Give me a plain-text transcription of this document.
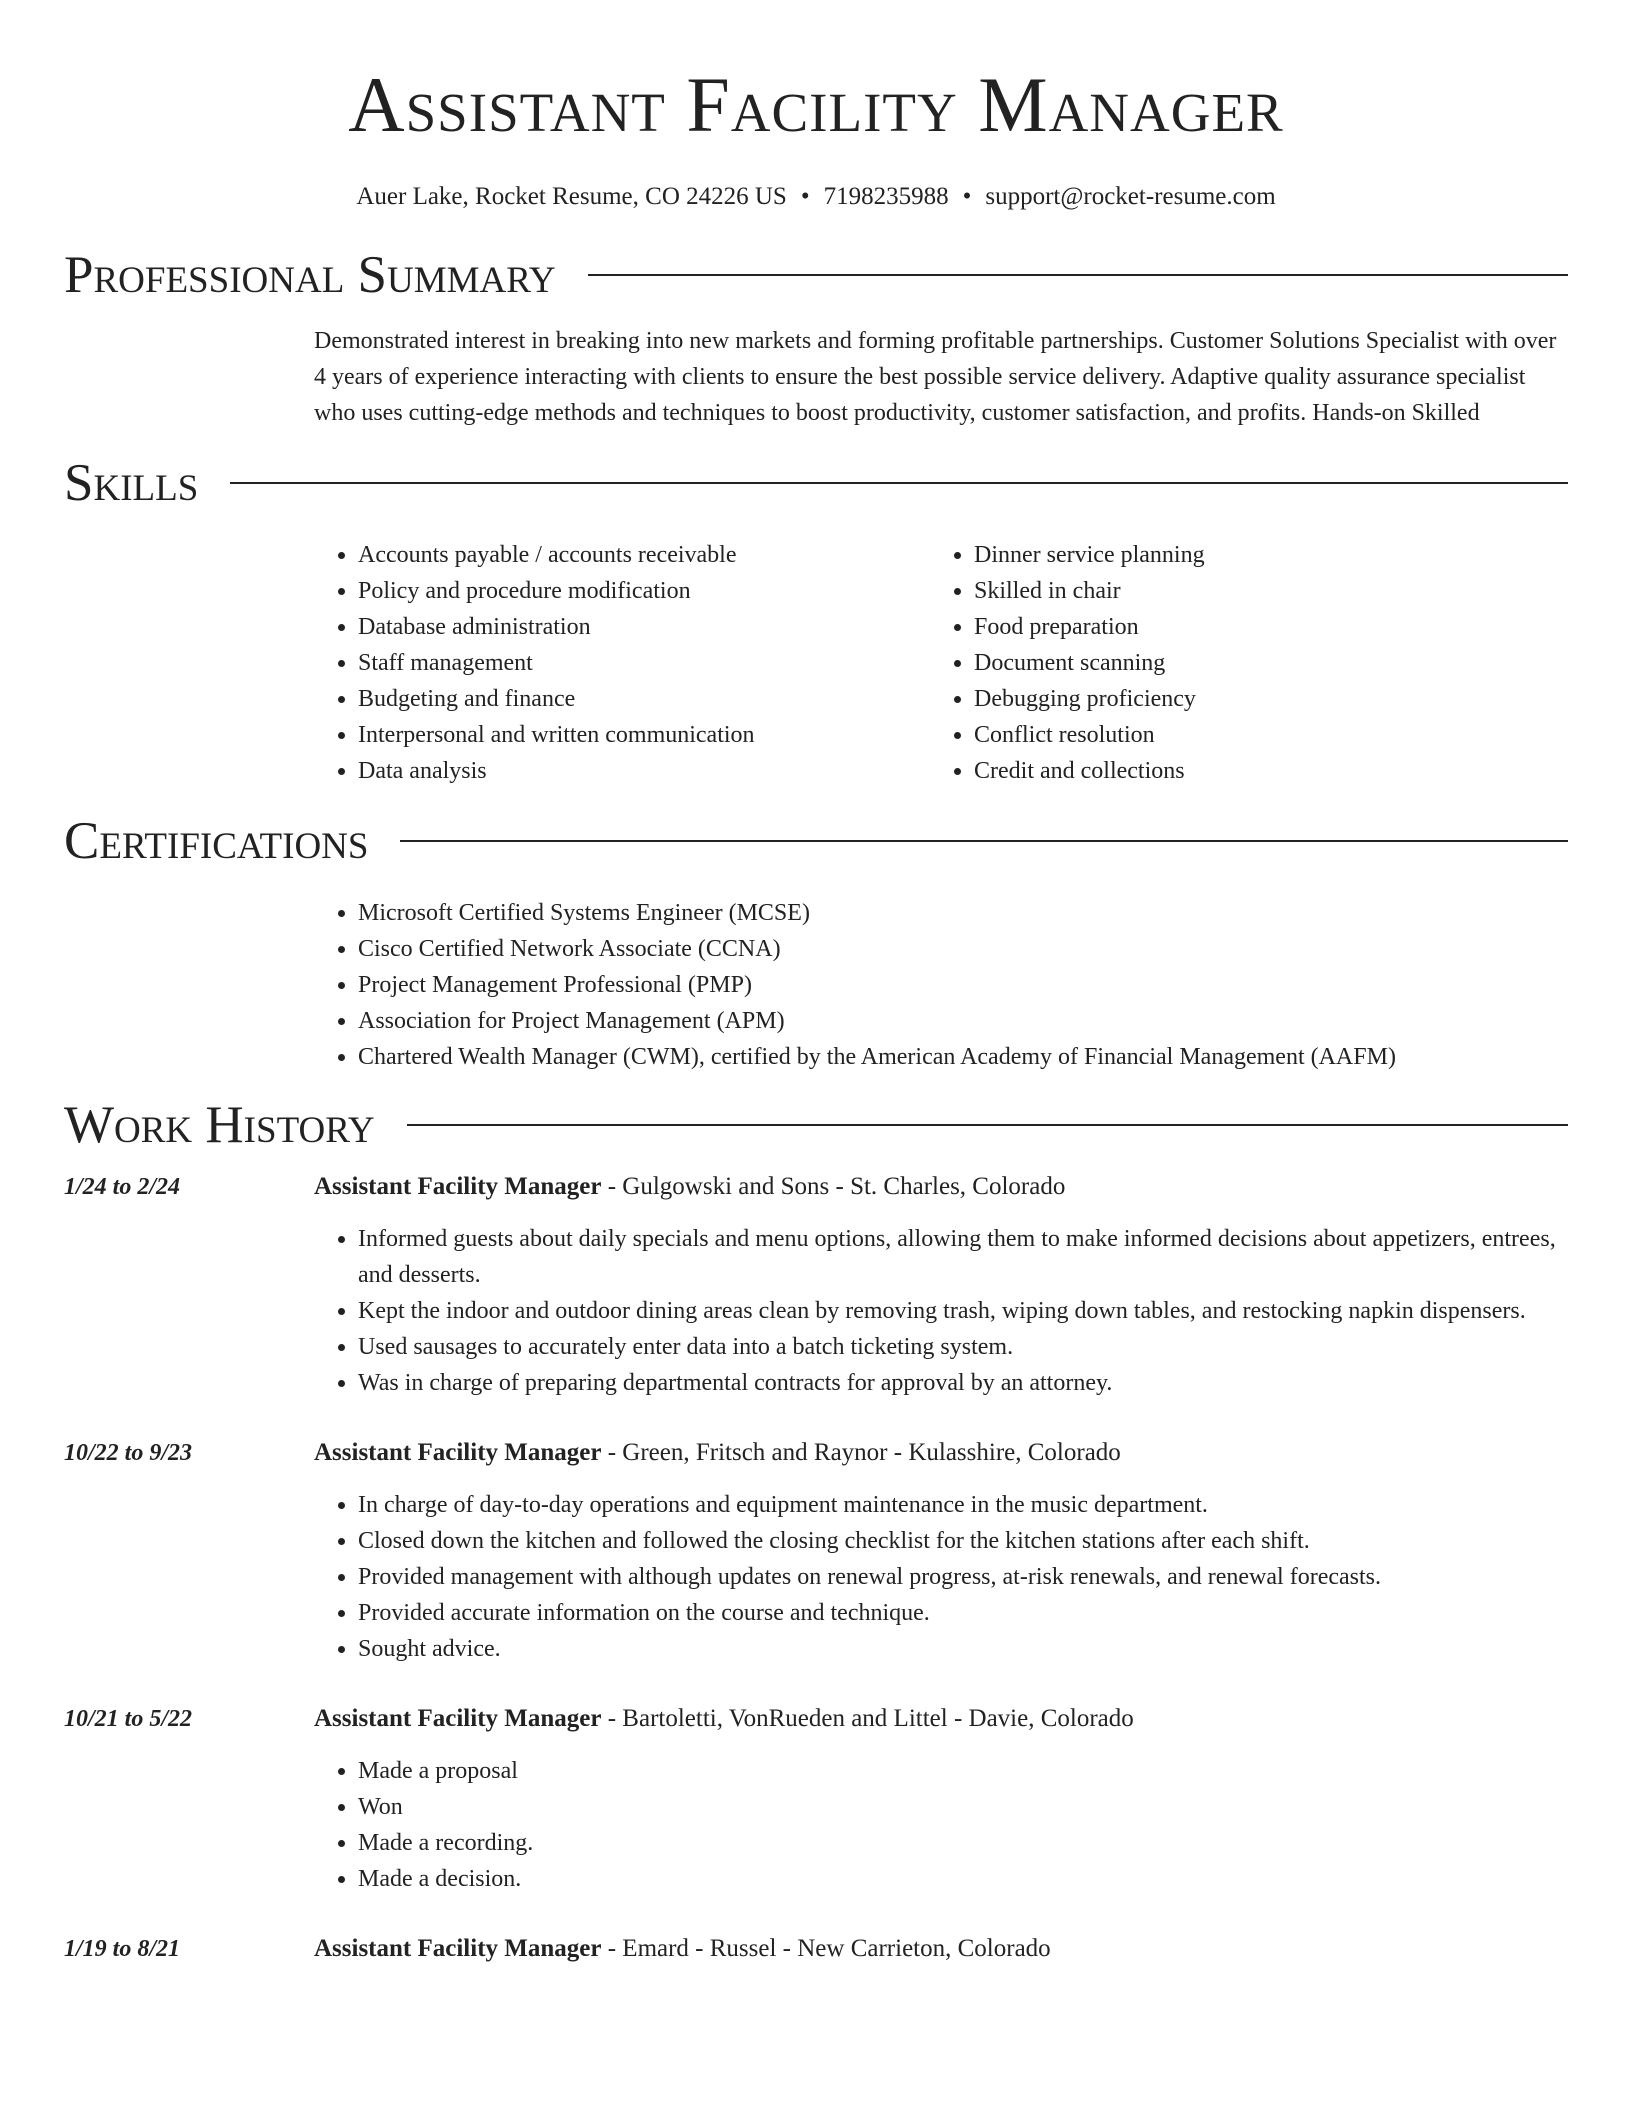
Assistant Facility Manager
Auer Lake, Rocket Resume, CO 24226 US • 7198235988 • support@rocket-resume.com
Professional Summary
Demonstrated interest in breaking into new markets and forming profitable partnerships. Customer Solutions Specialist with over 4 years of experience interacting with clients to ensure the best possible service delivery. Adaptive quality assurance specialist who uses cutting-edge methods and techniques to boost productivity, customer satisfaction, and profits. Hands-on Skilled
Skills
• Accounts payable / accounts receivable
• Policy and procedure modification
• Database administration
• Staff management
• Budgeting and finance
• Interpersonal and written communication
• Data analysis
• Dinner service planning
• Skilled in chair
• Food preparation
• Document scanning
• Debugging proficiency
• Conflict resolution
• Credit and collections
Certifications
• Microsoft Certified Systems Engineer (MCSE)
• Cisco Certified Network Associate (CCNA)
• Project Management Professional (PMP)
• Association for Project Management (APM)
• Chartered Wealth Manager (CWM), certified by the American Academy of Financial Management (AAFM)
Work History
1/24 to 2/24	Assistant Facility Manager - Gulgowski and Sons - St. Charles, Colorado
• Informed guests about daily specials and menu options, allowing them to make informed decisions about appetizers, entrees, and desserts.
• Kept the indoor and outdoor dining areas clean by removing trash, wiping down tables, and restocking napkin dispensers.
• Used sausages to accurately enter data into a batch ticketing system.
• Was in charge of preparing departmental contracts for approval by an attorney.
10/22 to 9/23	Assistant Facility Manager - Green, Fritsch and Raynor - Kulasshire, Colorado
• In charge of day-to-day operations and equipment maintenance in the music department.
• Closed down the kitchen and followed the closing checklist for the kitchen stations after each shift.
• Provided management with although updates on renewal progress, at-risk renewals, and renewal forecasts.
• Provided accurate information on the course and technique.
• Sought advice.
10/21 to 5/22	Assistant Facility Manager - Bartoletti, VonRueden and Littel - Davie, Colorado
• Made a proposal
• Won
• Made a recording.
• Made a decision.
1/19 to 8/21	Assistant Facility Manager - Emard - Russel - New Carrieton, Colorado
